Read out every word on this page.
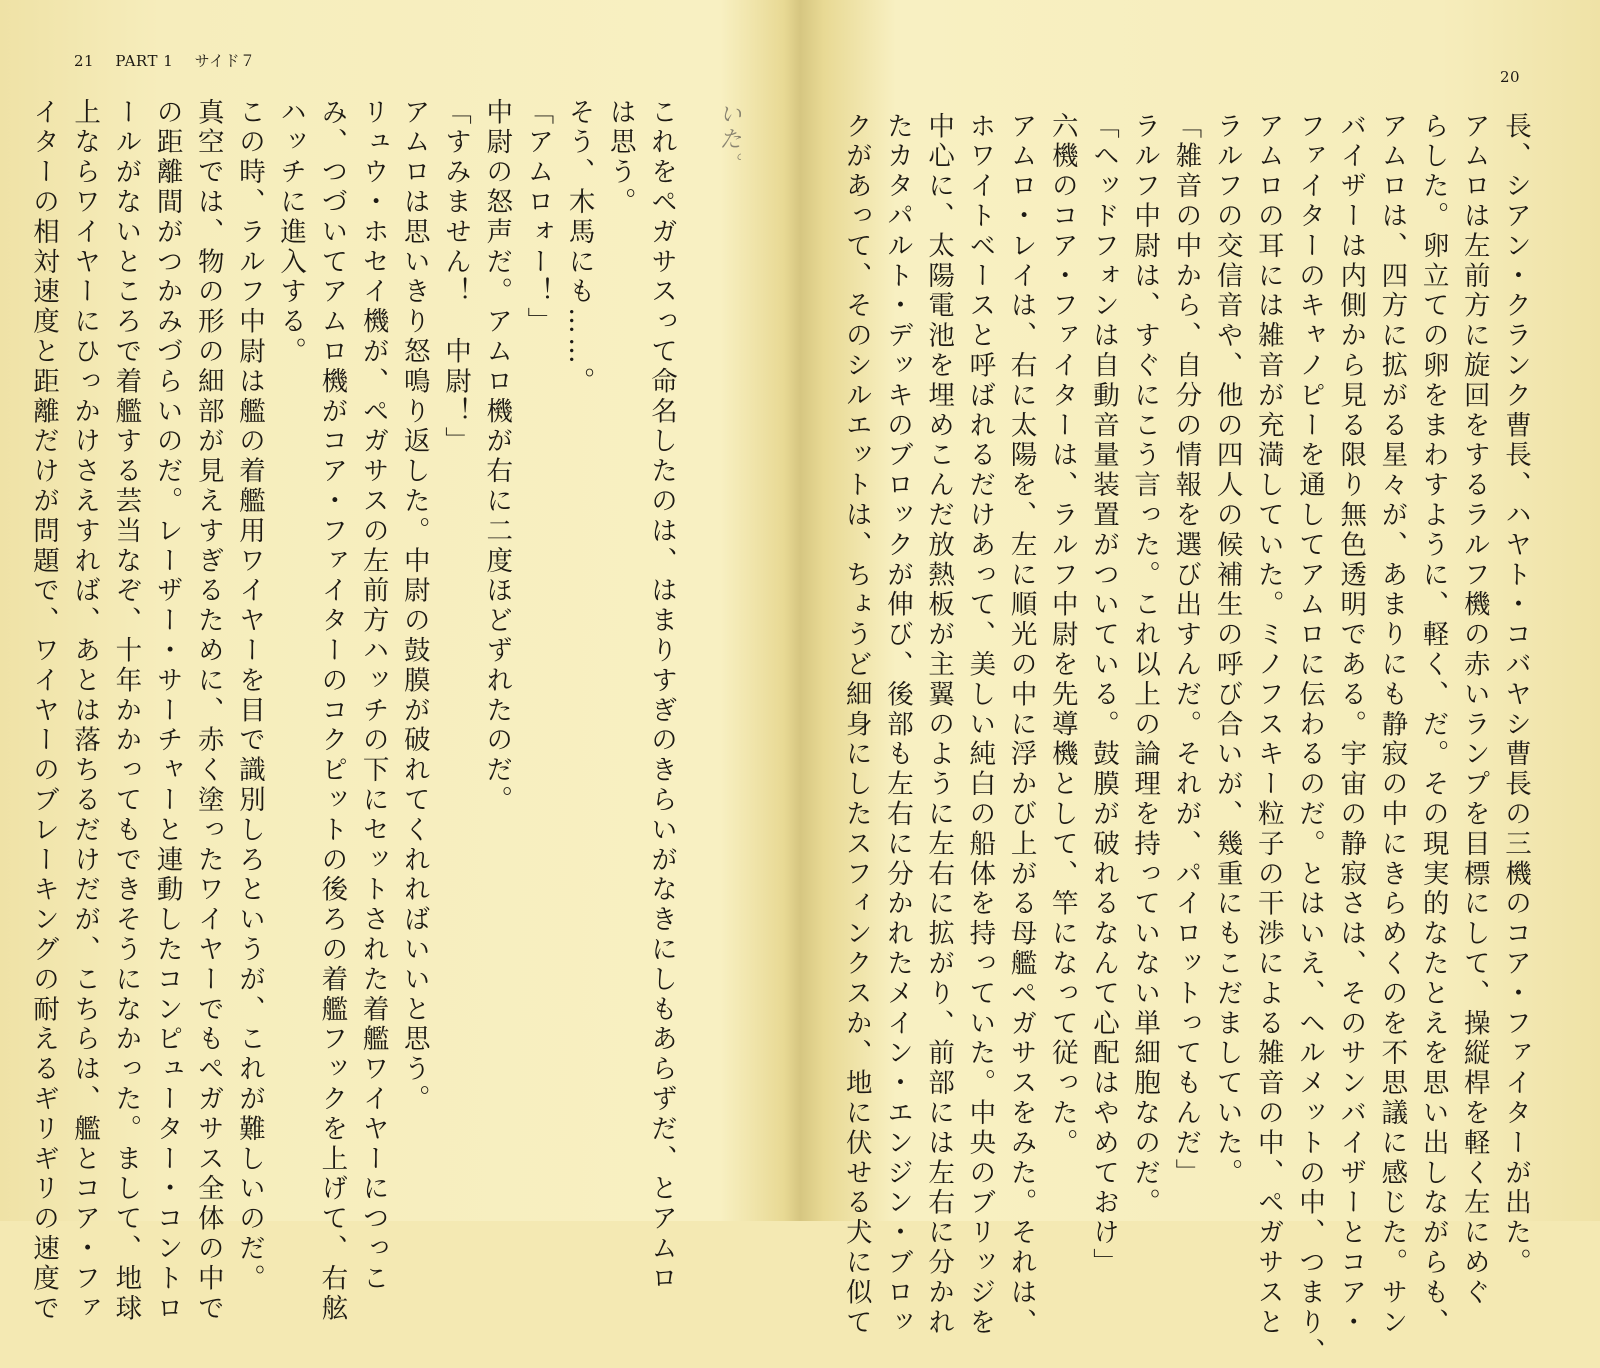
21 PART 1 サイド７
いた。
これをペガサスって命名したのは、はまりすぎのきらいがなきにしもあらずだ、とアムロ
は思う。
そう、木馬にも……。
「アムロォー！」
中尉の怒声だ。アムロ機が右に二度ほどずれたのだ。
「すみません！　中尉！」
アムロは思いきり怒鳴り返した。中尉の鼓膜が破れてくれればいいと思う。
リュウ・ホセイ機が、ペガサスの左前方ハッチの下にセットされた着艦ワイヤーにつっこ
み、つづいてアムロ機がコア・ファイターのコクピットの後ろの着艦フックを上げて、右舷
ハッチに進入する。
この時、ラルフ中尉は艦の着艦用ワイヤーを目で識別しろというが、これが難しいのだ。
真空では、物の形の細部が見えすぎるために、赤く塗ったワイヤーでもペガサス全体の中で
の距離間がつかみづらいのだ。レーザー・サーチャーと連動したコンピューター・コントロ
ールがないところで着艦する芸当なぞ、十年かかってもできそうになかった。まして、地球
上ならワイヤーにひっかけさえすれば、あとは落ちるだけだが、こちらは、艦とコア・ファ
イターの相対速度と距離だけが問題で、ワイヤーのブレーキングの耐えるギリギリの速度で
20
長、シアン・クランク曹長、ハヤト・コバヤシ曹長の三機のコア・ファイターが出た。
アムロは左前方に旋回をするラルフ機の赤いランプを目標にして、操縦桿を軽く左にめぐ
らした。卵立ての卵をまわすように、軽く、だ。その現実的なたとえを思い出しながらも、
アムロは、四方に拡がる星々が、あまりにも静寂の中にきらめくのを不思議に感じた。サン
バイザーは内側から見る限り無色透明である。宇宙の静寂さは、そのサンバイザーとコア・
ファイターのキャノピーを通してアムロに伝わるのだ。とはいえ、ヘルメットの中、つまり、
アムロの耳には雑音が充満していた。ミノフスキー粒子の干渉による雑音の中、ペガサスと
ラルフの交信音や、他の四人の候補生の呼び合いが、幾重にもこだましていた。
「雑音の中から、自分の情報を選び出すんだ。それが、パイロットってもんだ」
ラルフ中尉は、すぐにこう言った。これ以上の論理を持っていない単細胞なのだ。
「ヘッドフォンは自動音量装置がついている。鼓膜が破れるなんて心配はやめておけ」
六機のコア・ファイターは、ラルフ中尉を先導機として、竿になって従った。
アムロ・レイは、右に太陽を、左に順光の中に浮かび上がる母艦ペガサスをみた。それは、
ホワイトベースと呼ばれるだけあって、美しい純白の船体を持っていた。中央のブリッジを
中心に、太陽電池を埋めこんだ放熱板が主翼のように左右に拡がり、前部には左右に分かれ
たカタパルト・デッキのブロックが伸び、後部も左右に分かれたメイン・エンジン・ブロッ
クがあって、そのシルエットは、ちょうど細身にしたスフィンクスか、地に伏せる犬に似て
